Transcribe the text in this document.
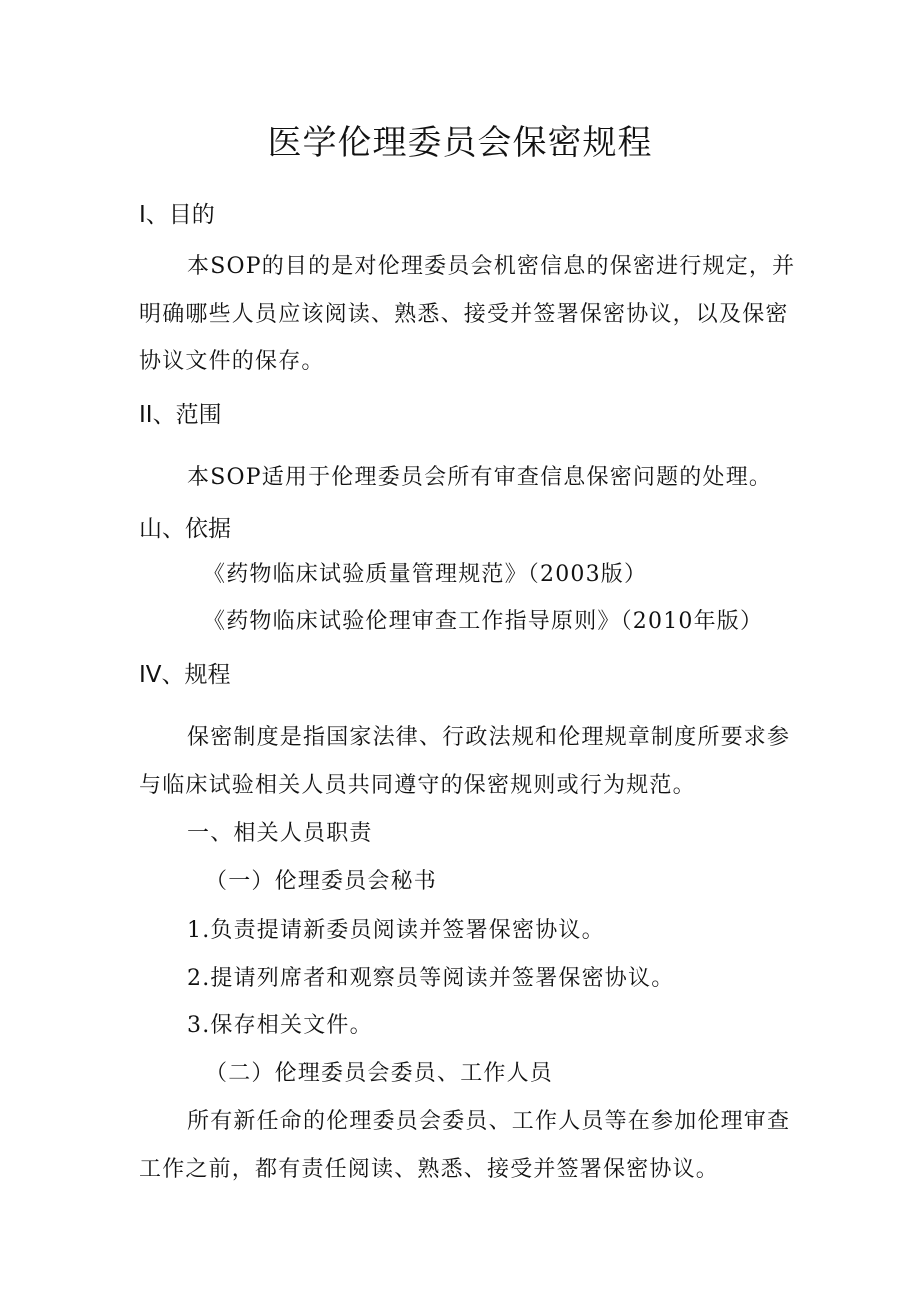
医学伦理委员会保密规程
I、目的
本SOP的目的是对伦理委员会机密信息的保密进行规定，并
明确哪些人员应该阅读、熟悉、接受并签署保密协议，以及保密
协议文件的保存。
II、范围
本SOP适用于伦理委员会所有审查信息保密问题的处理。
山、依据
《药物临床试验质量管理规范》（2003版）
《药物临床试验伦理审查工作指导原则》（2010年版）
IV、规程
保密制度是指国家法律、行政法规和伦理规章制度所要求参
与临床试验相关人员共同遵守的保密规则或行为规范。
一、相关人员职责
（一）伦理委员会秘书
1.负责提请新委员阅读并签署保密协议。
2.提请列席者和观察员等阅读并签署保密协议。
3.保存相关文件。
（二）伦理委员会委员、工作人员
所有新任命的伦理委员会委员、工作人员等在参加伦理审查
工作之前，都有责任阅读、熟悉、接受并签署保密协议。
